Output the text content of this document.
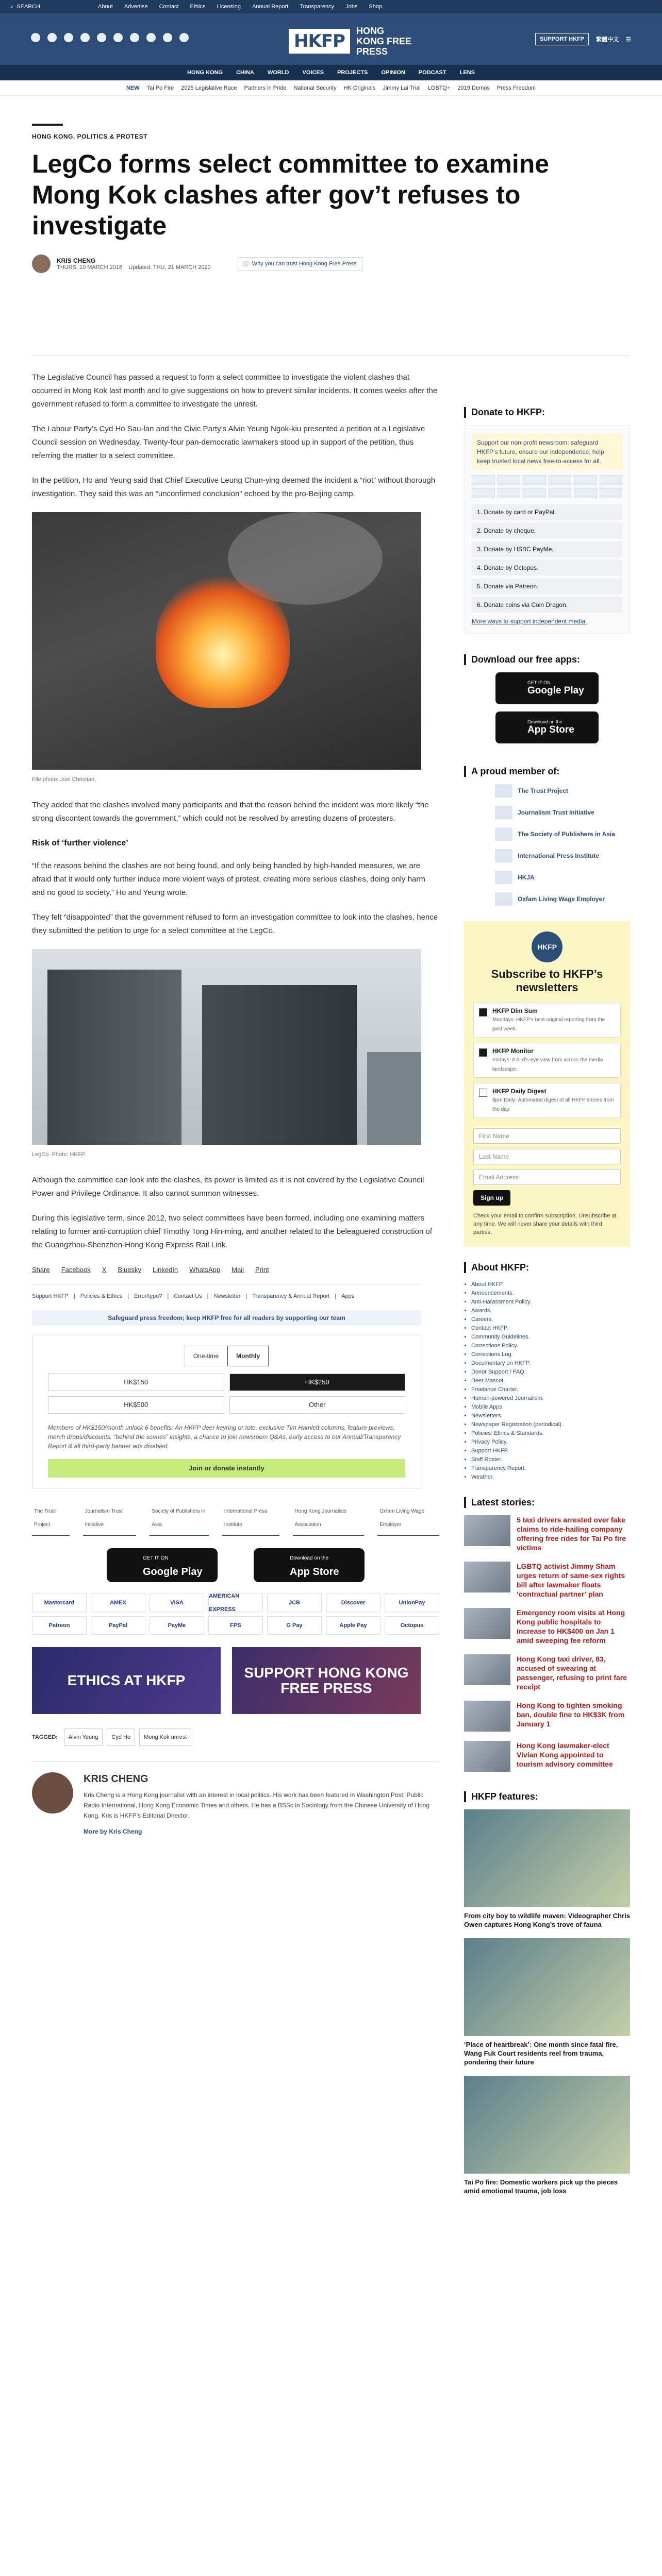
⌕ SEARCH	About Advertise Contact Ethics Licensing Annual Report Transparency Jobs Shop
HKFP	HONG KONG FREE PRESS
SUPPORT HKFP	繁體中文 ☰
HONG KONG CHINA WORLD VOICES PROJECTS OPINION PODCAST LENS
NEW Tai Po Fire 2025 Legislative Race Partners in Pride National Security HK Originals Jimmy Lai Trial LGBTQ+ 2019 Demos Press Freedom
HONG KONG, POLITICS & PROTEST
LegCo forms select committee to examine Mong Kok clashes after gov’t refuses to investigate
KRIS CHENG
THURS, 10 MARCH 2016 Updated: THU, 21 MARCH 2020	ⓘ Why you can trust Hong Kong Free Press

The Legislative Council has passed a request to form a select committee to investigate the violent clashes that occurred in Mong Kok last month and to give suggestions on how to prevent similar incidents. It comes weeks after the government refused to form a committee to investigate the unrest.

The Labour Party’s Cyd Ho Sau-lan and the Civic Party’s Alvin Yeung Ngok-kiu presented a petition at a Legislative Council session on Wednesday. Twenty-four pan-democratic lawmakers stood up in support of the petition, thus referring the matter to a select committee.

In the petition, Ho and Yeung said that Chief Executive Leung Chun-ying deemed the incident a “riot” without thorough investigation. They said this was an “unconfirmed conclusion” echoed by the pro-Beijing camp.

File photo: Joel Christian.

They added that the clashes involved many participants and that the reason behind the incident was more likely “the strong discontent towards the government,” which could not be resolved by arresting dozens of protesters.

Risk of ‘further violence’

“If the reasons behind the clashes are not being found, and only being handled by high-handed measures, we are afraid that it would only further induce more violent ways of protest, creating more serious clashes, doing only harm and no good to society,” Ho and Yeung wrote.

They felt “disappointed” that the government refused to form an investigation committee to look into the clashes, hence they submitted the petition to urge for a select committee at the LegCo.

LegCo. Photo: HKFP.

Although the committee can look into the clashes, its power is limited as it is not covered by the Legislative Council Power and Privilege Ordinance. It also cannot summon witnesses.

During this legislative term, since 2012, two select committees have been formed, including one examining matters relating to former anti-corruption chief Timothy Tong Hin-ming, and another related to the beleaguered construction of the Guangzhou-Shenzhen-Hong Kong Express Rail Link.

Share Facebook X Bluesky LinkedIn WhatsApp Mail Print
Support HKFP | Policies & Ethics | Error/typo? | Contact Us | Newsletter | Transparency & Annual Report | Apps
Safeguard press freedom; keep HKFP free for all readers by supporting our team
One-time	Monthly
HK$150	HK$250
HK$500	Other
Members of HK$150/month unlock 6 benefits: An HKFP deer keyring or tote, exclusive Tim Hamlett columns, feature previews, merch drops/discounts, “behind the scenes” insights, a chance to join newsroom Q&As, early access to our Annual/Transparency Report & all third-party banner ads disabled.
Join or donate instantly
The Trust Project
Journalism Trust Initiative
Society of Publishers in Asia
International Press Institute
Hong Kong Journalists Association
Oxfam Living Wage Employer
GET IT ON
Google Play
Download on the
App Store
Mastercard	AMEX	VISA
AMERICAN EXPRESS
JCB	Discover	UnionPay
Patreon	PayPal	PayMe	FPS	G Pay	Apple Pay	Octopus
ETHICS AT HKFP	SUPPORT HONG KONG FREE PRESS
TAGGED:	Alvin Yeung	Cyd Ho	Mong Kok unrest
KRIS CHENG

Kris Cheng is a Hong Kong journalist with an interest in local politics. His work has been featured in Washington Post, Public Radio International, Hong Kong Economic Times and others. He has a BSSc in Sociology from the Chinese University of Hong Kong. Kris is HKFP’s Editorial Director.

More by Kris Cheng
Donate to HKFP:
Support our non-profit newsroom: safeguard HKFP’s future, ensure our independence, help keep trusted local news free-to-access for all.
1. Donate by card or PayPal.
2. Donate by cheque.
3. Donate by HSBC PayMe.
4. Donate by Octopus.
5. Donate via Patreon.
6. Donate coins via Coin Dragon.
More ways to support independent media.
Download our free apps:
GET IT ON
Google Play
Download on the
App Store
A proud member of:
The Trust Project
Journalism Trust Initiative
The Society of Publishers in Asia
International Press Institute
HKJA
Oxfam Living Wage Employer
HKFP
Subscribe to HKFP’s newsletters
HKFP Dim Sum
Mondays: HKFP’s best original reporting from the past week.
HKFP Monitor
Fridays: A bird’s-eye view from across the media landscape.
HKFP Daily Digest
9pm Daily: Automated digest of all HKFP stories from the day.
First Name
Last Name
Email Address
Sign up
Check your email to confirm subscription. Unsubscribe at any time. We will never share your details with third parties.
About HKFP:
• About HKFP.
• Announcements.
• Anti-Harassment Policy.
• Awards.
• Careers.
• Contact HKFP.
• Community Guidelines.
• Corrections Policy.
• Corrections Log.
• Documentary on HKFP.
• Donor Support / FAQ.
• Deer Mascot.
• Freelance Charter.
• Human-powered Journalism.
• Mobile Apps.
• Newsletters.
• Newspaper Registration (periodical).
• Policies: Ethics & Standards.
• Privacy Policy.
• Support HKFP.
• Staff Roster.
• Transparency Report.
• Weather.
Latest stories:
5 taxi drivers arrested over fake claims to ride-hailing company offering free rides for Tai Po fire victims
LGBTQ activist Jimmy Sham urges return of same-sex rights bill after lawmaker floats ‘contractual partner’ plan
Emergency room visits at Hong Kong public hospitals to increase to HK$400 on Jan 1 amid sweeping fee reform
Hong Kong taxi driver, 83, accused of swearing at passenger, refusing to print fare receipt
Hong Kong to tighten smoking ban, double fine to HK$3K from January 1
Hong Kong lawmaker-elect Vivian Kong appointed to tourism advisory committee
HKFP features:
From city boy to wildlife maven: Videographer Chris Owen captures Hong Kong’s trove of fauna
‘Place of heartbreak’: One month since fatal fire, Wang Fuk Court residents reel from trauma, pondering their future
Tai Po fire: Domestic workers pick up the pieces amid emotional trauma, job loss
